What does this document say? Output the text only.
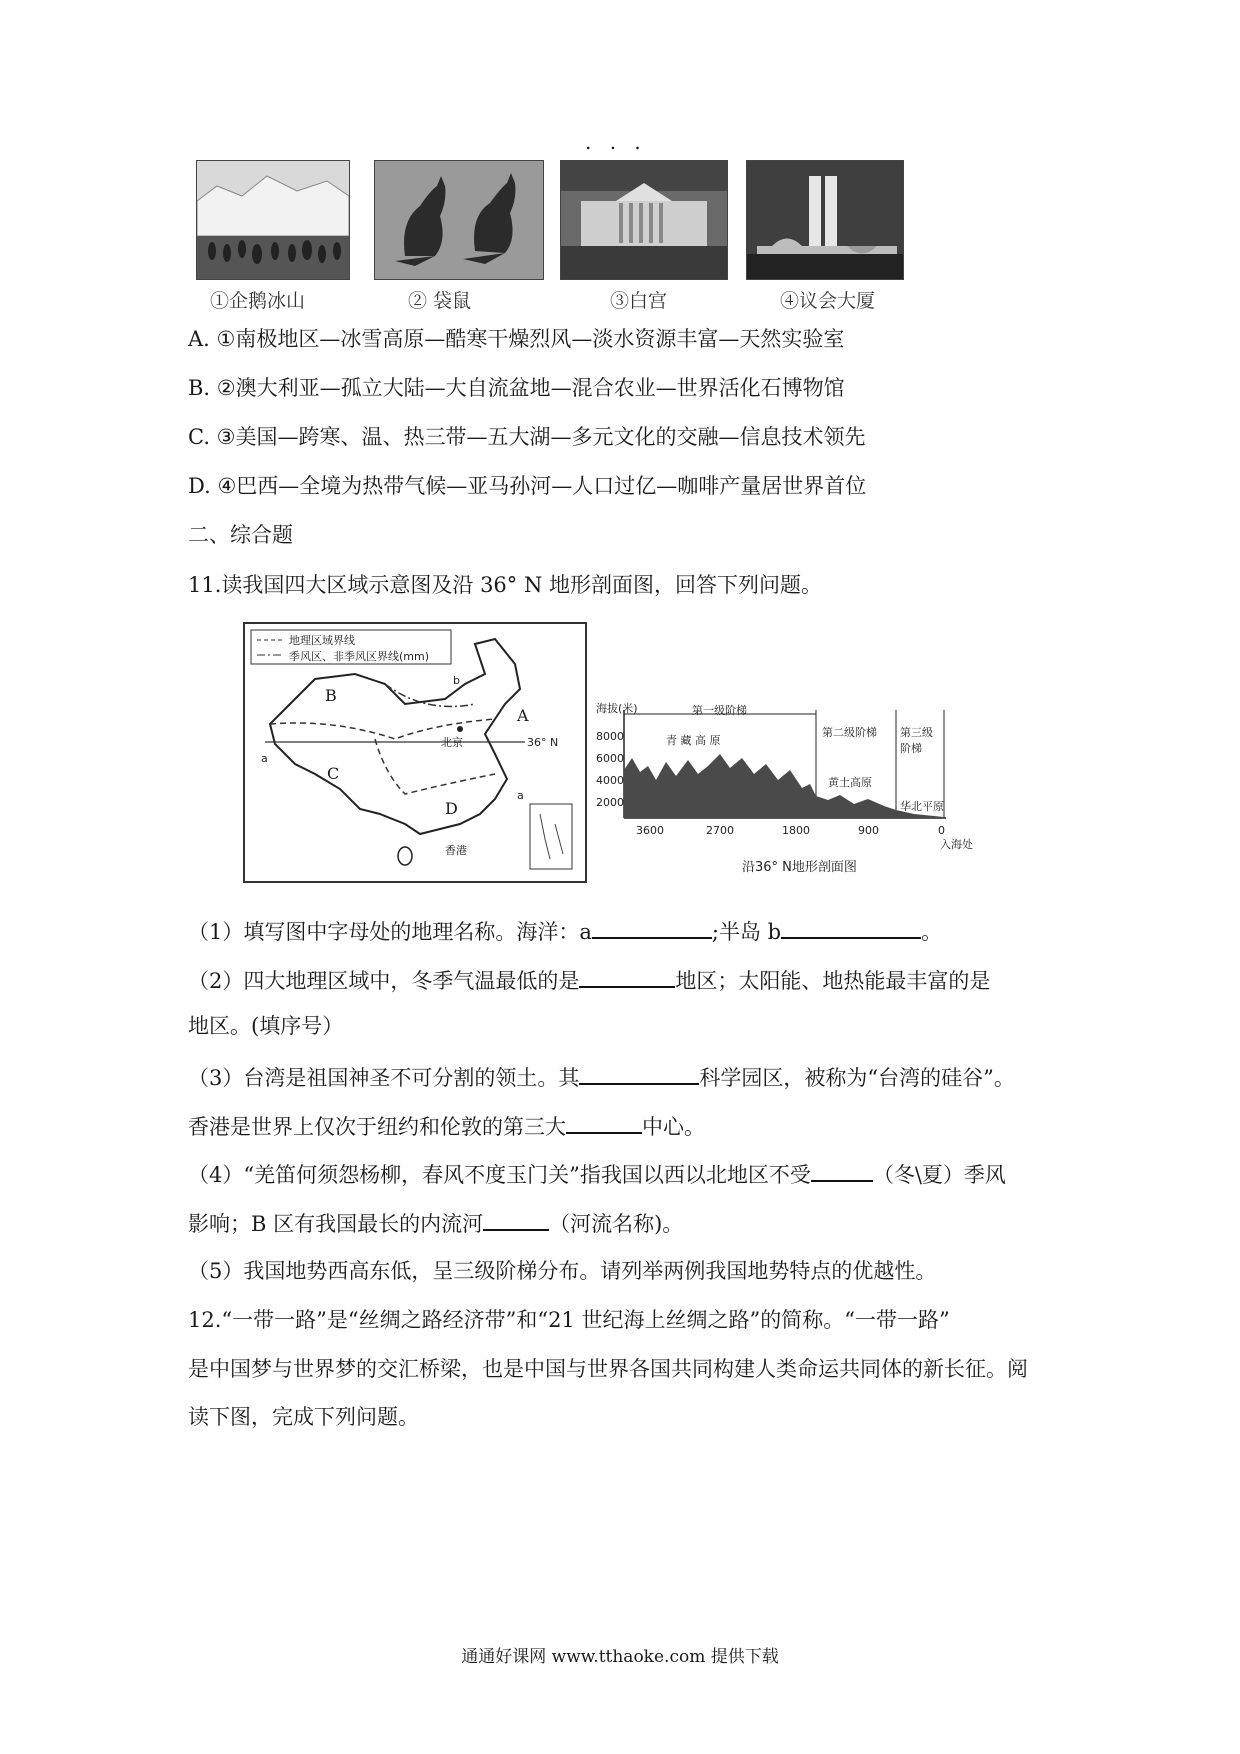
. . .
①企鹅冰山	② 袋鼠	③白宫	④议会大厦
A. ①南极地区—冰雪高原—酷寒干燥烈风—淡水资源丰富—天然实验室
B. ②澳大利亚—孤立大陆—大自流盆地—混合农业—世界活化石博物馆
C. ③美国—跨寒、温、热三带—五大湖—多元文化的交融—信息技术领先
D. ④巴西—全境为热带气候—亚马孙河—人口过亿—咖啡产量居世界首位
二、综合题
11.读我国四大区域示意图及沿 36° N 地形剖面图，回答下列问题。
地理区域界线
季风区、非季风区界线(mm)
A
B
C
D
a
b
a
北京	36° N
香港
海拔(米)
8000
6000
4000
2000
第一级阶梯
第二级阶梯 第三级阶梯
青 藏 高 原
黄土高原
华北平原
3600	2700	1800	900	0
入海处
沿36° N地形剖面图
（1）填写图中字母处的地理名称。海洋：a	;半岛 b	。
（2）四大地理区域中，冬季气温最低的是	地区；太阳能、地热能最丰富的是
地区。(填序号）
（3）台湾是祖国神圣不可分割的领土。其	科学园区，被称为“台湾的硅谷”。
香港是世界上仅次于纽约和伦敦的第三大	中心。
（4）“羌笛何须怨杨柳，春风不度玉门关”指我国以西以北地区不受	（冬\夏）季风
影响；B 区有我国最长的内流河	（河流名称)。
（5）我国地势西高东低，呈三级阶梯分布。请列举两例我国地势特点的优越性。
12.“一带一路”是“丝绸之路经济带”和“21 世纪海上丝绸之路”的简称。“一带一路”
是中国梦与世界梦的交汇桥梁，也是中国与世界各国共同构建人类命运共同体的新长征。阅
读下图，完成下列问题。
通通好课网 www.tthaoke.com 提供下载
